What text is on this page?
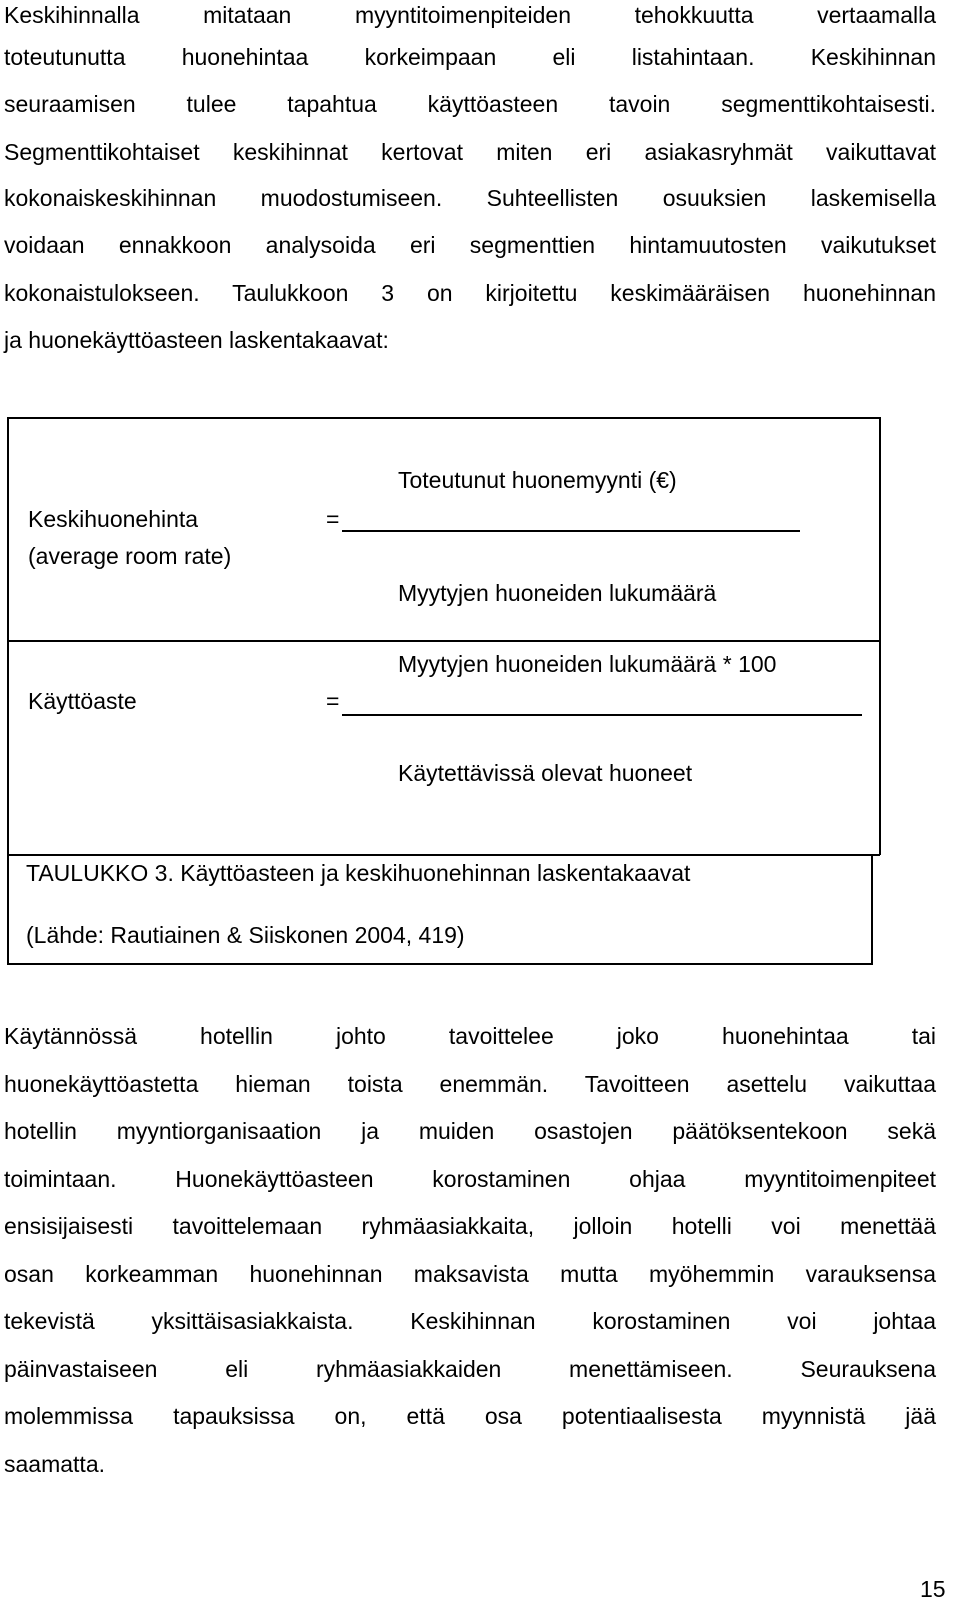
Keskihinnalla mitataan myyntitoimenpiteiden tehokkuutta vertaamalla
toteutunutta huonehintaa korkeimpaan eli listahintaan. Keskihinnan
seuraamisen tulee tapahtua käyttöasteen tavoin segmenttikohtaisesti.
Segmenttikohtaiset keskihinnat kertovat miten eri asiakasryhmät vaikuttavat
kokonaiskeskihinnan muodostumiseen. Suhteellisten osuuksien laskemisella
voidaan ennakkoon analysoida eri segmenttien hintamuutosten vaikutukset
kokonaistulokseen. Taulukkoon 3 on kirjoitettu keskimääräisen huonehinnan
ja huonekäyttöasteen laskentakaavat:
Toteutunut huonemyynti (€)
Keskihuonehinta
(average room rate)
=
Myytyjen huoneiden lukumäärä
Myytyjen huoneiden lukumäärä * 100
Käyttöaste	=
Käytettävissä olevat huoneet
TAULUKKO 3. Käyttöasteen ja keskihuonehinnan laskentakaavat
(Lähde: Rautiainen & Siiskonen 2004, 419)
Käytännössä hotellin johto tavoittelee joko huonehintaa tai
huonekäyttöastetta hieman toista enemmän. Tavoitteen asettelu vaikuttaa
hotellin myyntiorganisaation ja muiden osastojen päätöksentekoon sekä
toimintaan. Huonekäyttöasteen korostaminen ohjaa myyntitoimenpiteet
ensisijaisesti tavoittelemaan ryhmäasiakkaita, jolloin hotelli voi menettää
osan korkeamman huonehinnan maksavista mutta myöhemmin varauksensa
tekevistä yksittäisasiakkaista. Keskihinnan korostaminen voi johtaa
päinvastaiseen eli ryhmäasiakkaiden menettämiseen. Seurauksena
molemmissa tapauksissa on, että osa potentiaalisesta myynnistä jää
saamatta.
15
